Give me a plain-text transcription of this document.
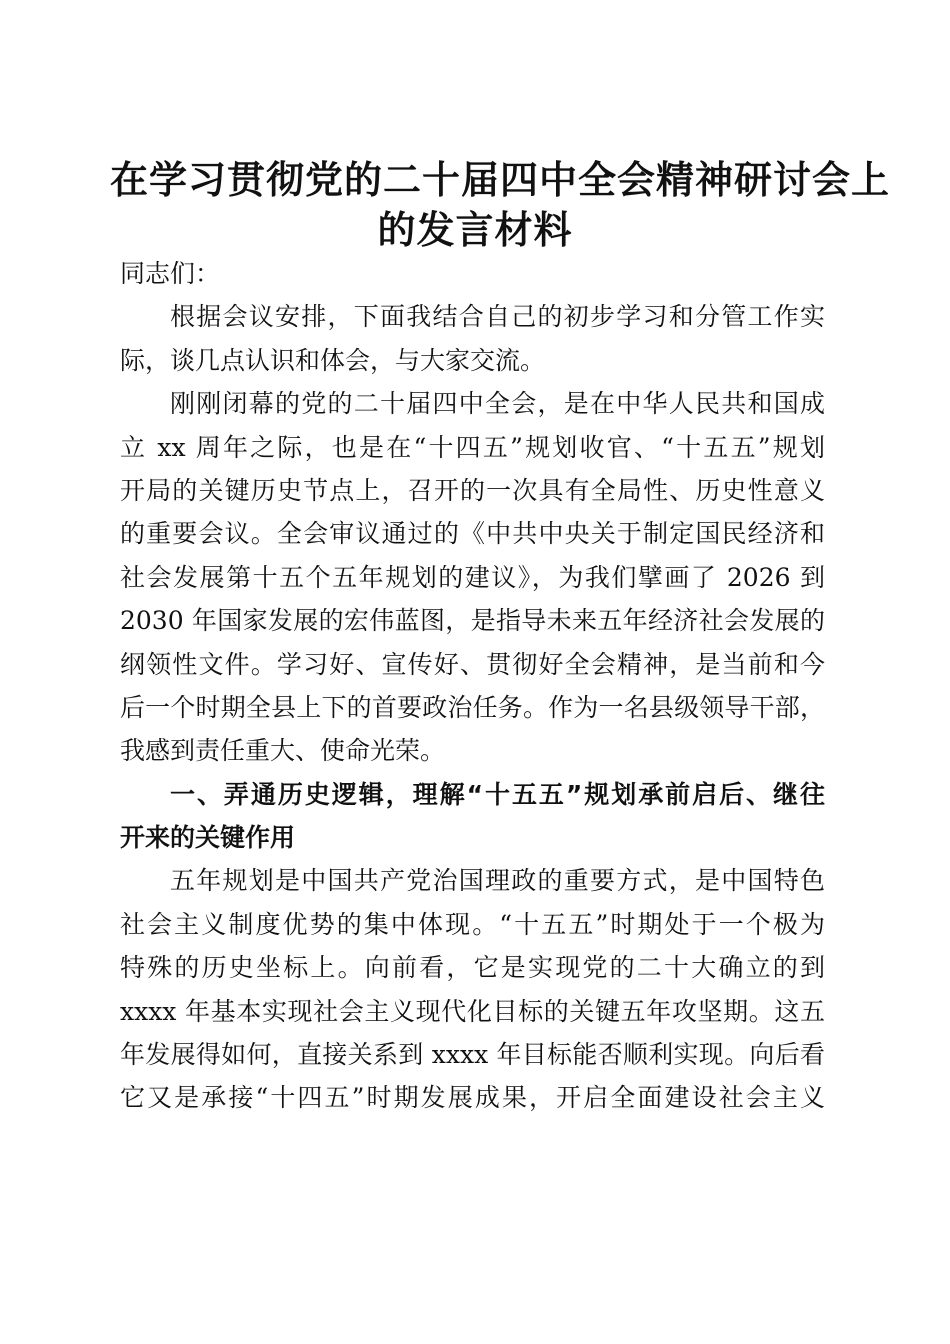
在学习贯彻党的二十届四中全会精神研讨会上
的发言材料
同志们：
根据会议安排，下面我结合自己的初步学习和分管工作实
际，谈几点认识和体会，与大家交流。
刚刚闭幕的党的二十届四中全会，是在中华人民共和国成
立 xx 周年之际，也是在“十四五”规划收官、“十五五”规划
开局的关键历史节点上，召开的一次具有全局性、历史性意义
的重要会议。全会审议通过的《中共中央关于制定国民经济和
社会发展第十五个五年规划的建议》，为我们擘画了 2026 到
2030 年国家发展的宏伟蓝图，是指导未来五年经济社会发展的
纲领性文件。学习好、宣传好、贯彻好全会精神，是当前和今
后一个时期全县上下的首要政治任务。作为一名县级领导干部，
我感到责任重大、使命光荣。
一、弄通历史逻辑，理解“十五五”规划承前启后、继往
开来的关键作用
五年规划是中国共产党治国理政的重要方式，是中国特色
社会主义制度优势的集中体现。“十五五”时期处于一个极为
特殊的历史坐标上。向前看，它是实现党的二十大确立的到
xxxx 年基本实现社会主义现代化目标的关键五年攻坚期。这五
年发展得如何，直接关系到 xxxx 年目标能否顺利实现。向后看
它又是承接“十四五”时期发展成果，开启全面建设社会主义
